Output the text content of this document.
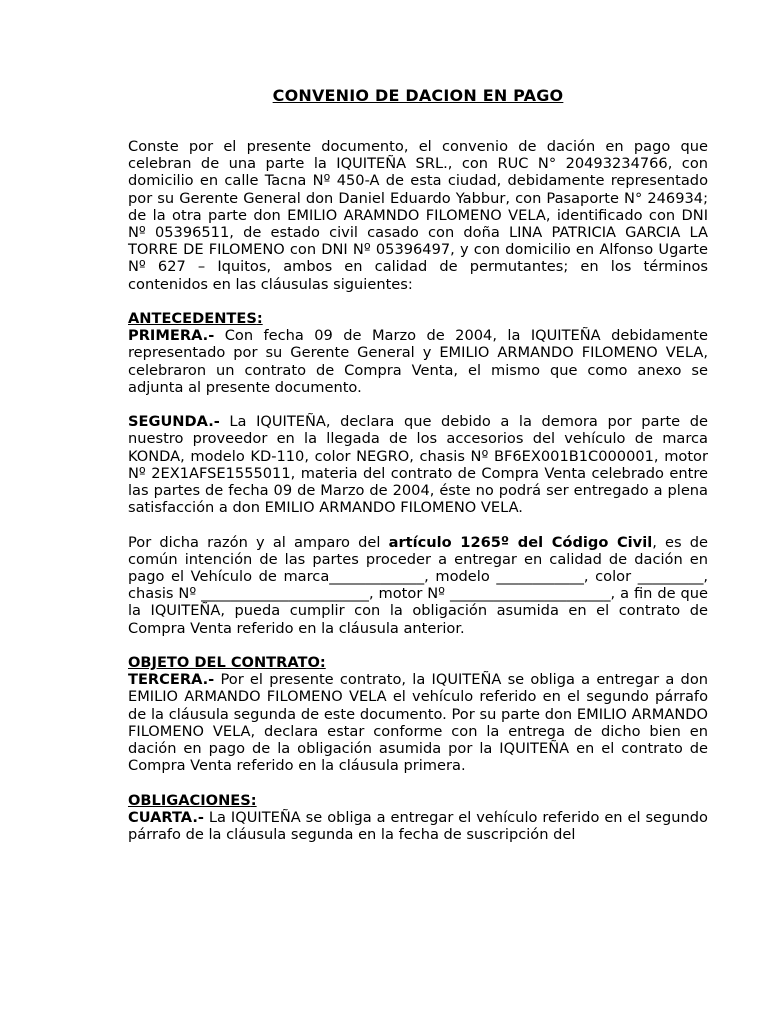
CONVENIO DE DACION EN PAGO

Conste por el presente documento, el convenio de dación en pago que celebran de una parte la IQUITEÑA SRL., con RUC N° 20493234766, con domicilio en calle Tacna Nº 450-A de esta ciudad, debidamente representado por su Gerente General don Daniel Eduardo Yabbur, con Pasaporte N° 246934; de la otra parte don EMILIO ARAMNDO FILOMENO VELA, identificado con DNI Nº 05396511, de estado civil casado con doña LINA PATRICIA GARCIA LA TORRE DE FILOMENO con DNI Nº 05396497, y con domicilio en Alfonso Ugarte Nº 627 – Iquitos, ambos en calidad de permutantes; en los términos contenidos en las cláusulas siguientes:

ANTECEDENTES:

PRIMERA.- Con fecha 09 de Marzo de 2004, la IQUITEÑA debidamente representado por su Gerente General y EMILIO ARMANDO FILOMENO VELA, celebraron un contrato de Compra Venta, el mismo que como anexo se adjunta al presente documento.

SEGUNDA.- La IQUITEÑA, declara que debido a la demora por parte de nuestro proveedor en la llegada de los accesorios del vehículo de marca KONDA, modelo KD-110, color NEGRO, chasis Nº BF6EX001B1C000001, motor Nº 2EX1AFSE1555011, materia del contrato de Compra Venta celebrado entre las partes de fecha 09 de Marzo de 2004, éste no podrá ser entregado a plena satisfacción a don EMILIO ARMANDO FILOMENO VELA.

Por dicha razón y al amparo del artículo 1265º del Código Civil, es de común intención de las partes proceder a entregar en calidad de dación en pago el Vehículo de marca_____________, modelo ____________, color _________, chasis Nº _______________________, motor Nº ______________________, a fin de que la IQUITEÑA, pueda cumplir con la obligación asumida en el contrato de Compra Venta referido en la cláusula anterior.

OBJETO DEL CONTRATO:

TERCERA.- Por el presente contrato, la IQUITEÑA se obliga a entregar a don EMILIO ARMANDO FILOMENO VELA el vehículo referido en el segundo párrafo de la cláusula segunda de este documento. Por su parte don EMILIO ARMANDO FILOMENO VELA, declara estar conforme con la entrega de dicho bien en dación en pago de la obligación asumida por la IQUITEÑA en el contrato de Compra Venta referido en la cláusula primera.

OBLIGACIONES:

CUARTA.- La IQUITEÑA se obliga a entregar el vehículo referido en el segundo párrafo de la cláusula segunda en la fecha de suscripción del
